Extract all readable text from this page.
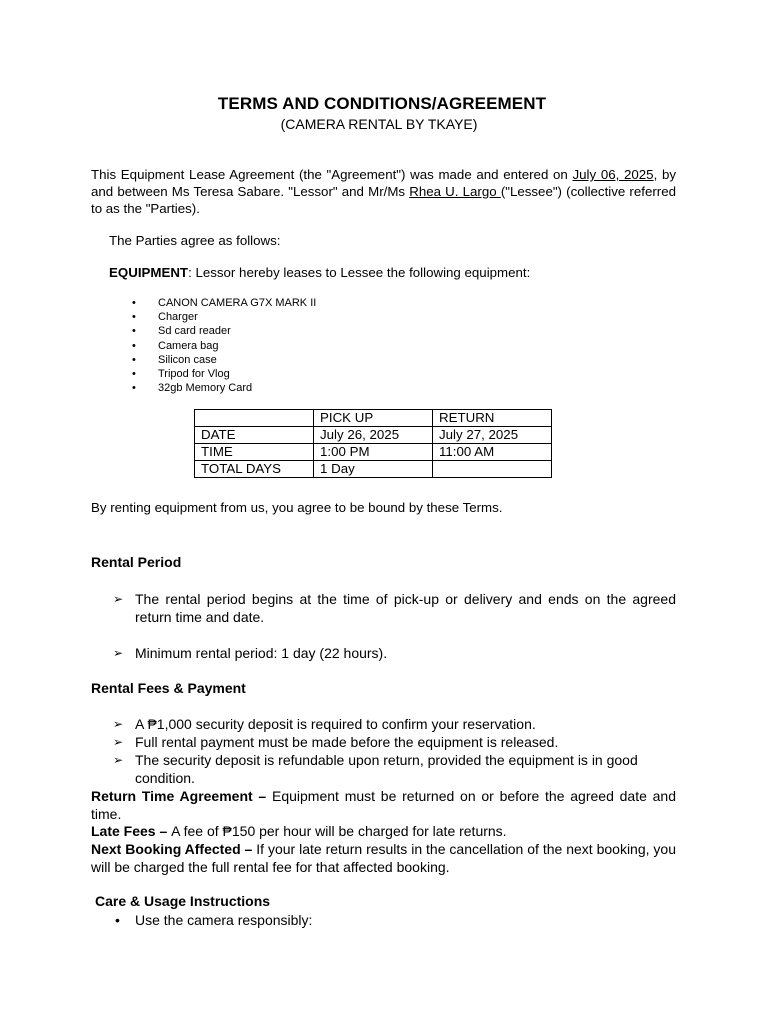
TERMS AND CONDITIONS/AGREEMENT
(CAMERA RENTAL BY TKAYE)
This Equipment Lease Agreement (the "Agreement") was made and entered on July 06, 2025, by and between Ms Teresa Sabare. "Lessor" and Mr/Ms Rhea U. Largo ("Lessee") (collective referred to as the "Parties).
The Parties agree as follows:
EQUIPMENT: Lessor hereby leases to Lessee the following equipment:
• CANON CAMERA G7X MARK II
• Charger
• Sd card reader
• Camera bag
• Silicon case
• Tripod for Vlog
• 32gb Memory Card
	PICK UP	RETURN
DATE	July 26, 2025	July 27, 2025
TIME	1:00 PM	11:00 AM
TOTAL DAYS	1 Day	
By renting equipment from us, you agree to be bound by these Terms.
Rental Period
➢ The rental period begins at the time of pick-up or delivery and ends on the agreed return time and date.
➢ Minimum rental period: 1 day (22 hours).
Rental Fees & Payment
➢ A ₱1,000 security deposit is required to confirm your reservation.
➢ Full rental payment must be made before the equipment is released.
➢ The security deposit is refundable upon return, provided the equipment is in good condition.
Return Time Agreement – Equipment must be returned on or before the agreed date and time.
Late Fees – A fee of ₱150 per hour will be charged for late returns.
Next Booking Affected – If your late return results in the cancellation of the next booking, you will be charged the full rental fee for that affected booking.
Care & Usage Instructions
• Use the camera responsibly:
